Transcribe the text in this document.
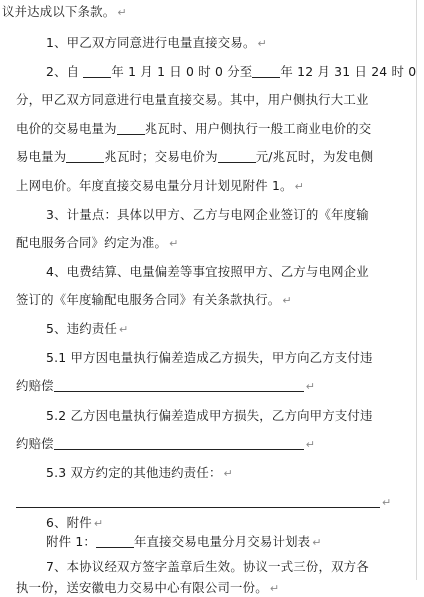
议并达成以下条款。 ↵
1、甲乙双方同意进行电量直接交易。 ↵
2、自 年 1 月 1 日 0 时 0 分至 年 12 月 31 日 24 时 0
分，甲乙双方同意进行电量直接交易。其中，用户侧执行大工业
电价的交易电量为 兆瓦时、用户侧执行一般工商业电价的交
易电量为	兆瓦时；交易电价为	元/兆瓦时，为发电侧
上网电价。年度直接交易电量分月计划见附件 1。 ↵
3、计量点：具体以甲方、乙方与电网企业签订的《年度输
配电服务合同》约定为准。 ↵
4、电费结算、电量偏差等事宜按照甲方、乙方与电网企业
签订的《年度输配电服务合同》有关条款执行。 ↵
5、违约责任 ↵
5.1 甲方因电量执行偏差造成乙方损失，甲方向乙方支付违
约赔偿	↵
5.2 乙方因电量执行偏差造成甲方损失，乙方向甲方支付违
约赔偿	↵
5.3 双方约定的其他违约责任： ↵
↵
6、附件 ↵
附件 1：	年直接交易电量分月交易计划表 ↵
7、本协议经双方签字盖章后生效。协议一式三份，双方各
执一份，送安徽电力交易中心有限公司一份。 ↵
